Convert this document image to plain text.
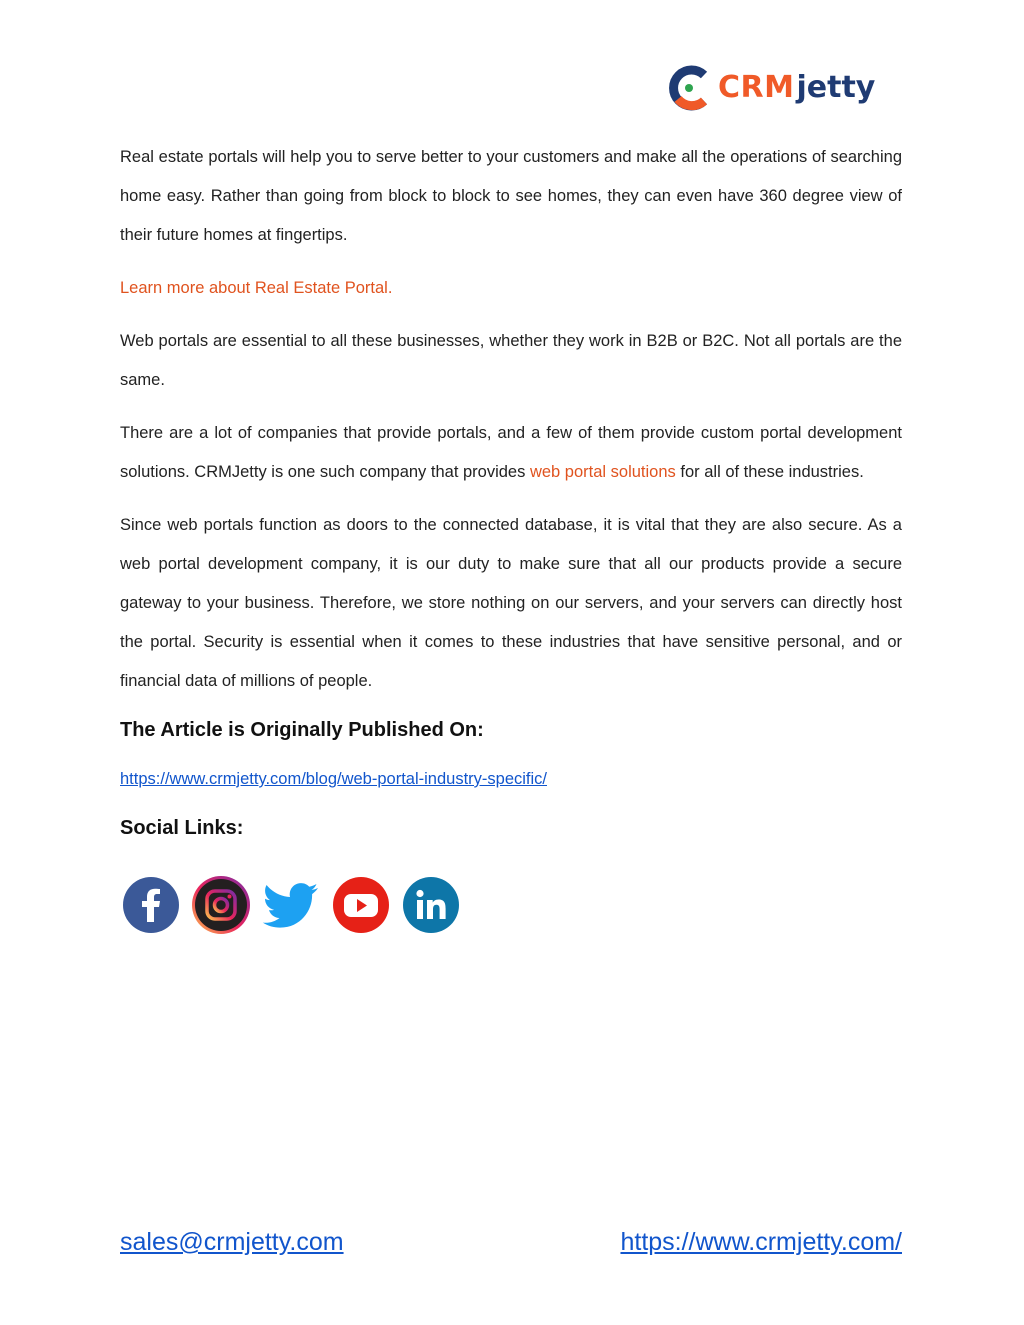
CRM jetty

Real estate portals will help you to serve better to your customers and make all the operations of searching home easy. Rather than going from block to block to see homes, they can even have 360 degree view of their future homes at fingertips.

Learn more about Real Estate Portal.

Web portals are essential to all these businesses, whether they work in B2B or B2C. Not all portals are the same.

There are a lot of companies that provide portals, and a few of them provide custom portal development solutions. CRMJetty is one such company that provides web portal solutions for all of these industries.

Since web portals function as doors to the connected database, it is vital that they are also secure. As a web portal development company, it is our duty to make sure that all our products provide a secure gateway to your business. Therefore, we store nothing on our servers, and your servers can directly host the portal. Security is essential when it comes to these industries that have sensitive personal, and or financial data of millions of people.

The Article is Originally Published On:
https://www.crmjetty.com/blog/web-portal-industry-specific/
Social Links:
sales@crmjetty.com	https://www.crmjetty.com/
